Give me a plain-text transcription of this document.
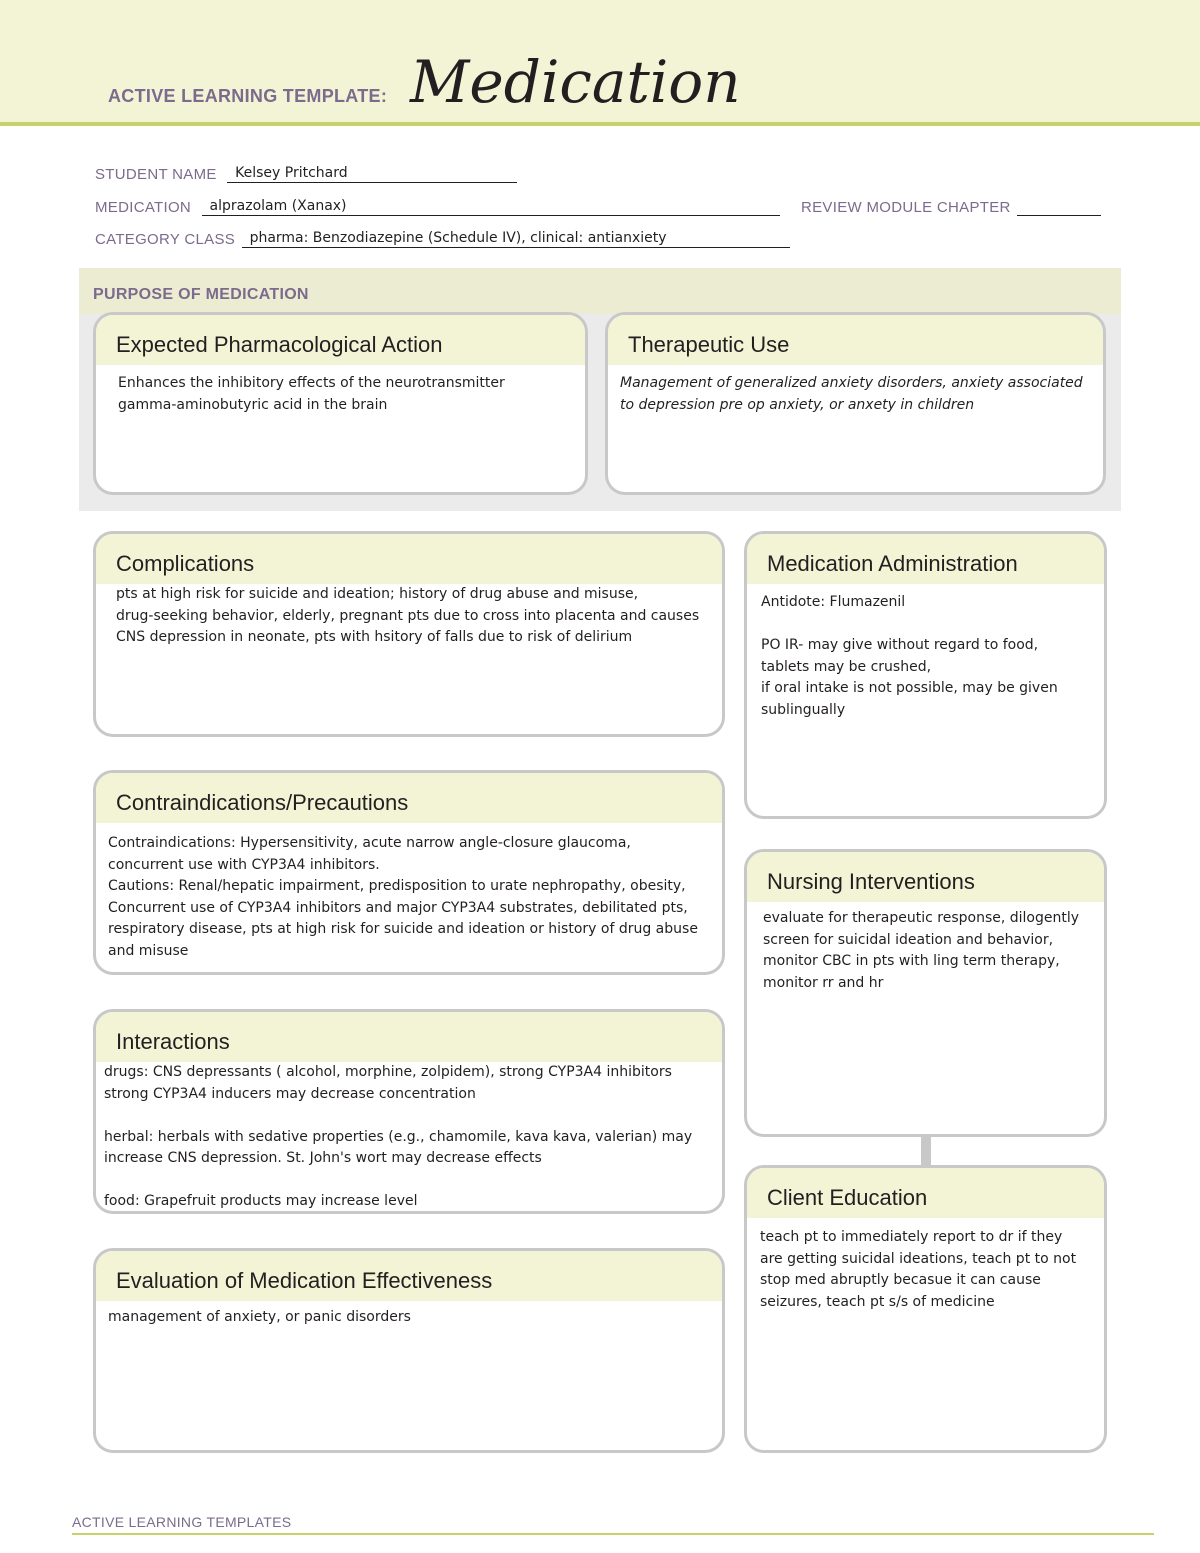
ACTIVE LEARNING TEMPLATE: Medication
STUDENT NAME Kelsey Pritchard
MEDICATION alprazolam (Xanax)	REVIEW MODULE CHAPTER
CATEGORY CLASS pharma: Benzodiazepine (Schedule IV), clinical: antianxiety
PURPOSE OF MEDICATION
Expected Pharmacological Action
Enhances the inhibitory effects of the neurotransmitter
gamma-aminobutyric acid in the brain
Therapeutic Use
Management of generalized anxiety disorders, anxiety associated
to depression pre op anxiety, or anxety in children
Complications
pts at high risk for suicide and ideation; history of drug abuse and misuse,
drug-seeking behavior, elderly, pregnant pts due to cross into placenta and causes
CNS depression in neonate, pts with hsitory of falls due to risk of delirium
Medication Administration
Antidote: Flumazenil
PO IR- may give without regard to food,
tablets may be crushed,
if oral intake is not possible, may be given
sublingually
Contraindications/Precautions
Contraindications: Hypersensitivity, acute narrow angle-closure glaucoma,
concurrent use with CYP3A4 inhibitors.
Cautions: Renal/hepatic impairment, predisposition to urate nephropathy, obesity,
Concurrent use of CYP3A4 inhibitors and major CYP3A4 substrates, debilitated pts,
respiratory disease, pts at high risk for suicide and ideation or history of drug abuse
and misuse
Nursing Interventions
evaluate for therapeutic response, dilogently
screen for suicidal ideation and behavior,
monitor CBC in pts with ling term therapy,
monitor rr and hr
Interactions
drugs: CNS depressants ( alcohol, morphine, zolpidem), strong CYP3A4 inhibitors
strong CYP3A4 inducers may decrease concentration
herbal: herbals with sedative properties (e.g., chamomile, kava kava, valerian) may
increase CNS depression. St. John's wort may decrease effects
food: Grapefruit products may increase level	Client Education
teach pt to immediately report to dr if they
are getting suicidal ideations, teach pt to not
stop med abruptly becasue it can cause
seizures, teach pt s/s of medicine
Evaluation of Medication Effectiveness
management of anxiety, or panic disorders
ACTIVE LEARNING TEMPLATES
